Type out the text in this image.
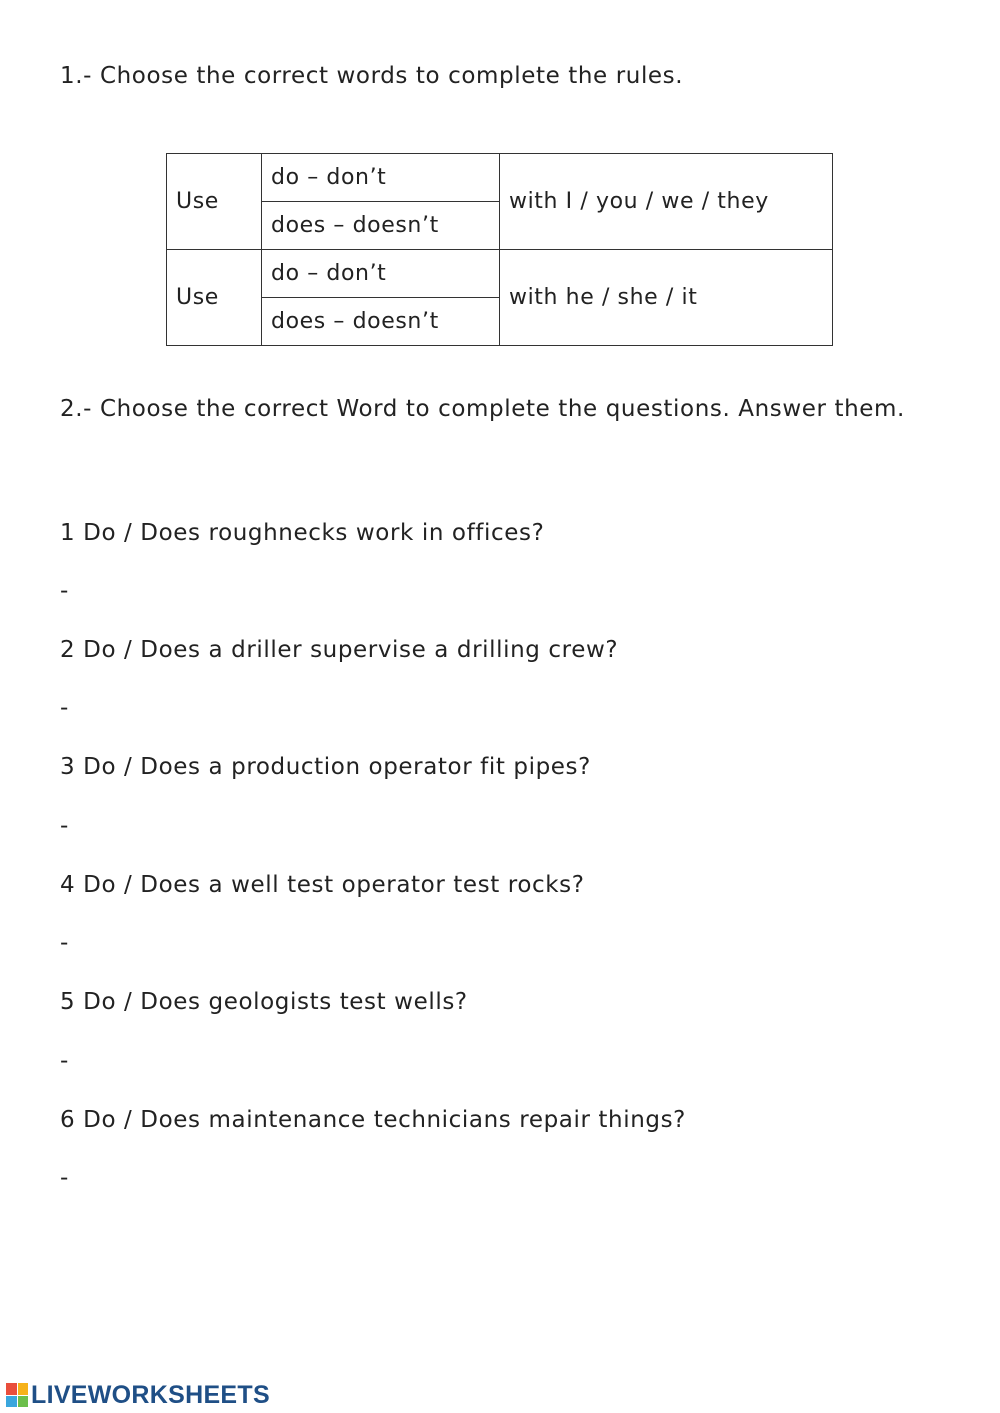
1.- Choose the correct words to complete the rules.
Use	do – don’t	with I / you / we / they
	does – doesn’t	
Use	do – don’t	with he / she / it
	does – doesn’t	
2.- Choose the correct Word to complete the questions. Answer them.
1 Do / Does roughnecks work in offices?
-
2 Do / Does a driller supervise a drilling crew?
-
3 Do / Does a production operator fit pipes?
-
4 Do / Does a well test operator test rocks?
-
5 Do / Does geologists test wells?
-
6 Do / Does maintenance technicians repair things?
-
LIVEWORKSHEETS
